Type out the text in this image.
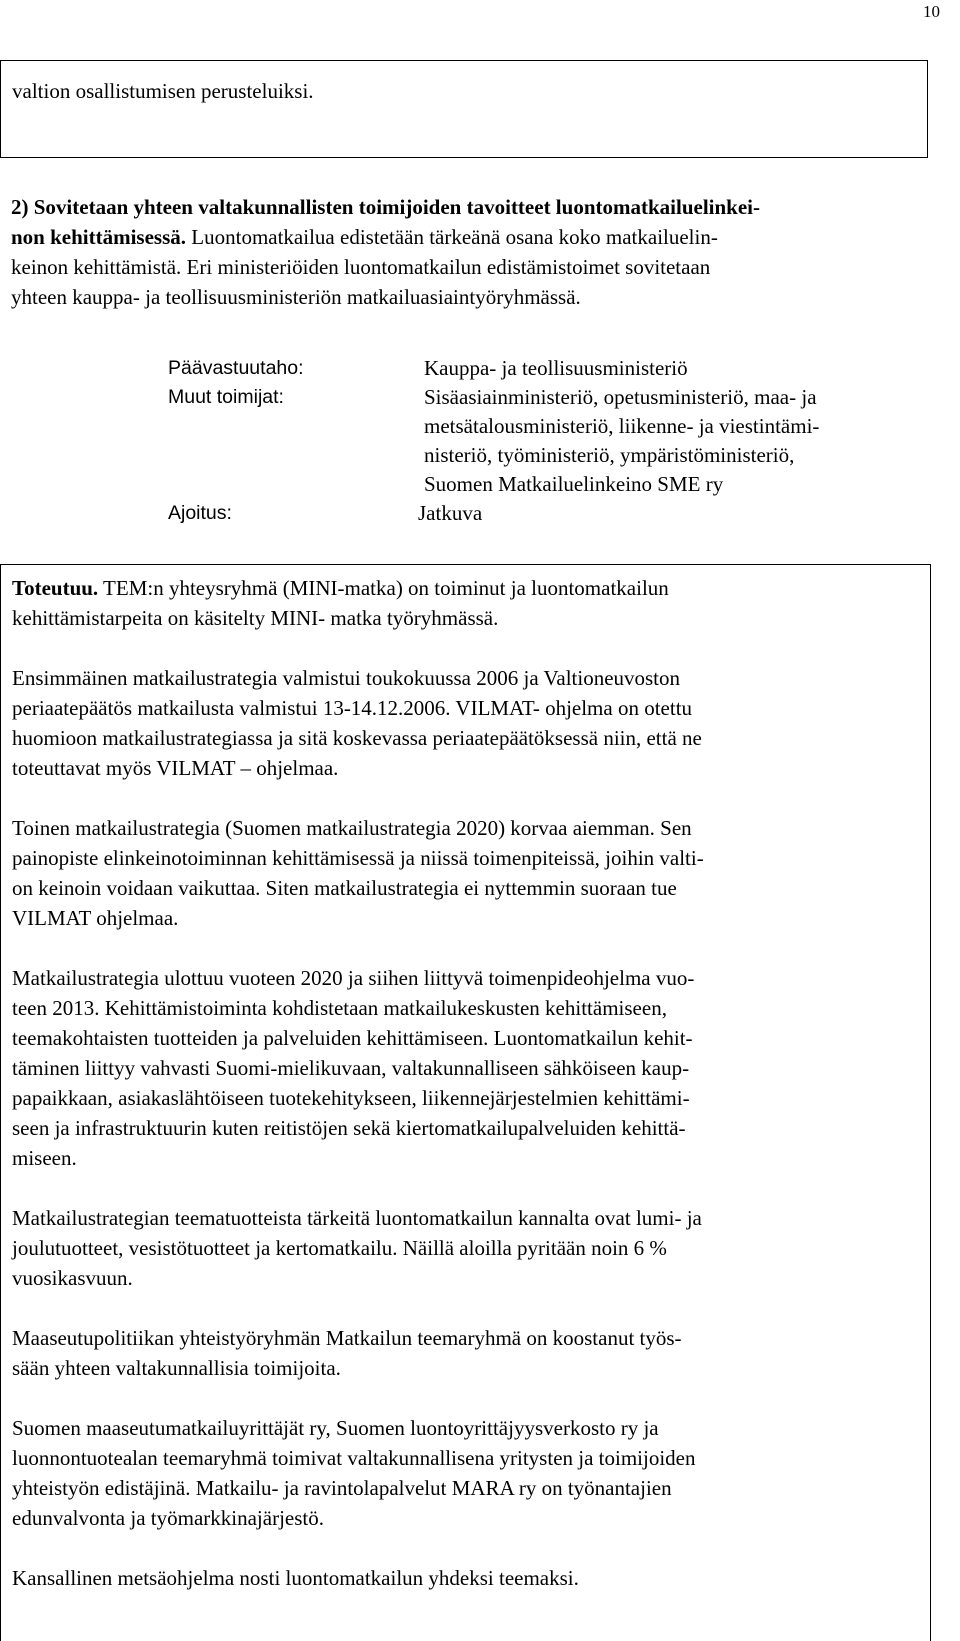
10

valtion osallistumisen perusteluiksi.

2) Sovitetaan yhteen valtakunnallisten toimijoiden tavoitteet luontomatkailuelinkei-
non kehittämisessä. Luontomatkailua edistetään tärkeänä osana koko matkailuelin-
keinon kehittämistä. Eri ministeriöiden luontomatkailun edistämistoimet sovitetaan
yhteen kauppa- ja teollisuusministeriön matkailuasiaintyöryhmässä.
Päävastuutaho:	Kauppa- ja teollisuusministeriö
Muut toimijat:	Sisäasiainministeriö, opetusministeriö, maa- ja
metsätalousministeriö, liikenne- ja viestintämi-
nisteriö, työministeriö, ympäristöministeriö,
Suomen Matkailuelinkeino SME ry
Ajoitus:	Jatkuva
Toteutuu. TEM:n yhteysryhmä (MINI-matka) on toiminut ja luontomatkailun
kehittämistarpeita on käsitelty MINI- matka työryhmässä.
Ensimmäinen matkailustrategia valmistui toukokuussa 2006 ja Valtioneuvoston
periaatepäätös matkailusta valmistui 13-14.12.2006. VILMAT- ohjelma on otettu
huomioon matkailustrategiassa ja sitä koskevassa periaatepäätöksessä niin, että ne
toteuttavat myös VILMAT – ohjelmaa.
Toinen matkailustrategia (Suomen matkailustrategia 2020) korvaa aiemman. Sen
painopiste elinkeinotoiminnan kehittämisessä ja niissä toimenpiteissä, joihin valti-
on keinoin voidaan vaikuttaa. Siten matkailustrategia ei nyttemmin suoraan tue
VILMAT ohjelmaa.
Matkailustrategia ulottuu vuoteen 2020 ja siihen liittyvä toimenpideohjelma vuo-
teen 2013. Kehittämistoiminta kohdistetaan matkailukeskusten kehittämiseen,
teemakohtaisten tuotteiden ja palveluiden kehittämiseen. Luontomatkailun kehit-
täminen liittyy vahvasti Suomi-mielikuvaan, valtakunnalliseen sähköiseen kaup-
papaikkaan, asiakaslähtöiseen tuotekehitykseen, liikennejärjestelmien kehittämi-
seen ja infrastruktuurin kuten reitistöjen sekä kiertomatkailupalveluiden kehittä-
miseen.
Matkailustrategian teematuotteista tärkeitä luontomatkailun kannalta ovat lumi- ja
joulutuotteet, vesistötuotteet ja kertomatkailu. Näillä aloilla pyritään noin 6 %
vuosikasvuun.
Maaseutupolitiikan yhteistyöryhmän Matkailun teemaryhmä on koostanut työs-
sään yhteen valtakunnallisia toimijoita.
Suomen maaseutumatkailuyrittäjät ry, Suomen luontoyrittäjyysverkosto ry ja
luonnontuotealan teemaryhmä toimivat valtakunnallisena yritysten ja toimijoiden
yhteistyön edistäjinä. Matkailu- ja ravintolapalvelut MARA ry on työnantajien
edunvalvonta ja työmarkkinajärjestö.
Kansallinen metsäohjelma nosti luontomatkailun yhdeksi teemaksi.
